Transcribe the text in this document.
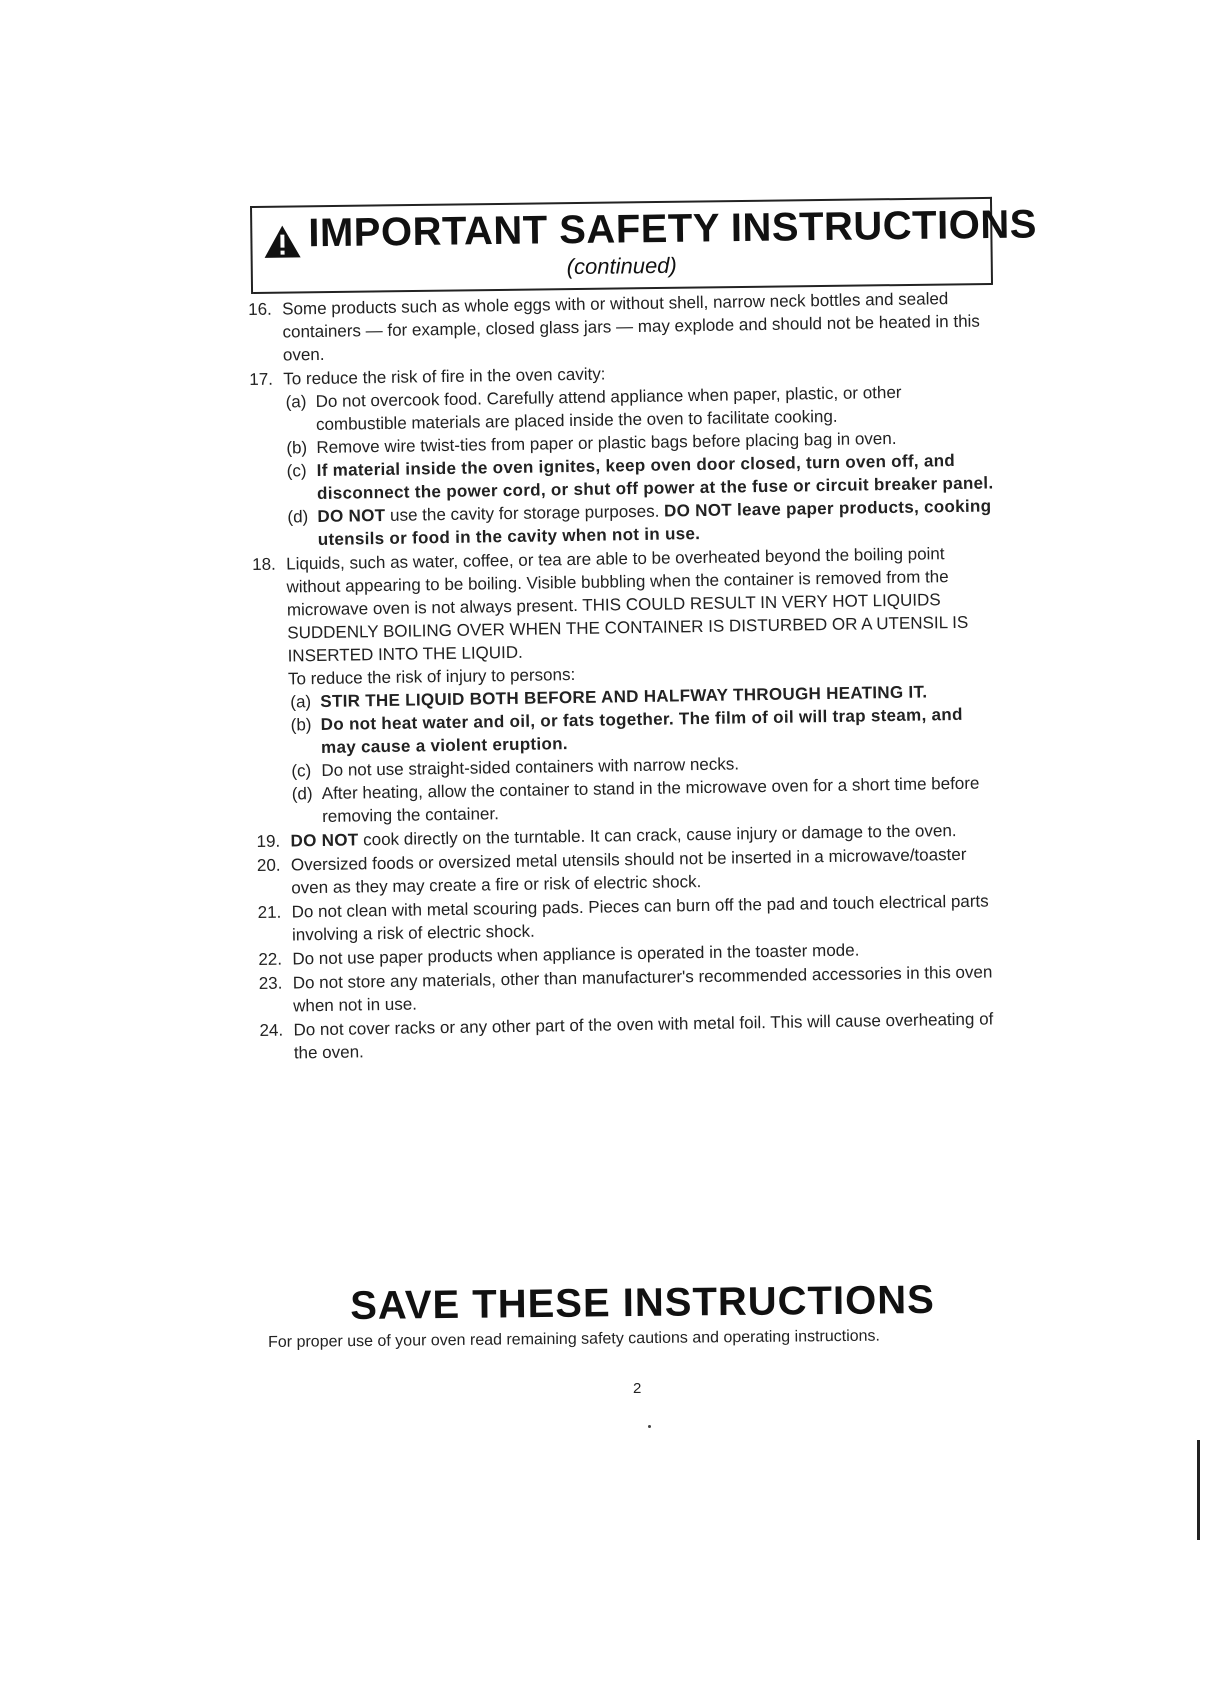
IMPORTANT SAFETY INSTRUCTIONS
(continued)
16. Some products such as whole eggs with or without shell, narrow neck bottles and sealed containers — for example, closed glass jars — may explode and should not be heated in this oven.

17. To reduce the risk of fire in the oven cavity:

(a) Do not overcook food. Carefully attend appliance when paper, plastic, or other combustible materials are placed inside the oven to facilitate cooking.
(b) Remove wire twist-ties from paper or plastic bags before placing bag in oven.
(c) If material inside the oven ignites, keep oven door closed, turn oven off, and disconnect the power cord, or shut off power at the fuse or circuit breaker panel.
(d) DO NOT use the cavity for storage purposes. DO NOT leave paper products, cooking utensils or food in the cavity when not in use.
18. Liquids, such as water, coffee, or tea are able to be overheated beyond the boiling point without appearing to be boiling. Visible bubbling when the container is removed from the microwave oven is not always present. THIS COULD RESULT IN VERY HOT LIQUIDS SUDDENLY BOILING OVER WHEN THE CONTAINER IS DISTURBED OR A UTENSIL IS INSERTED INTO THE LIQUID.

To reduce the risk of injury to persons:

(a) STIR THE LIQUID BOTH BEFORE AND HALFWAY THROUGH HEATING IT.
(b) Do not heat water and oil, or fats together. The film of oil will trap steam, and may cause a violent eruption.
(c) Do not use straight-sided containers with narrow necks.
(d) After heating, allow the container to stand in the microwave oven for a short time before removing the container.
19. DO NOT cook directly on the turntable. It can crack, cause injury or damage to the oven.

20. Oversized foods or oversized metal utensils should not be inserted in a microwave/toaster oven as they may create a fire or risk of electric shock.

21. Do not clean with metal scouring pads. Pieces can burn off the pad and touch electrical parts involving a risk of electric shock.

22. Do not use paper products when appliance is operated in the toaster mode.

23. Do not store any materials, other than manufacturer's recommended accessories in this oven when not in use.

24. Do not cover racks or any other part of the oven with metal foil. This will cause overheating of the oven.

SAVE THESE INSTRUCTIONS
For proper use of your oven read remaining safety cautions and operating instructions.
2
